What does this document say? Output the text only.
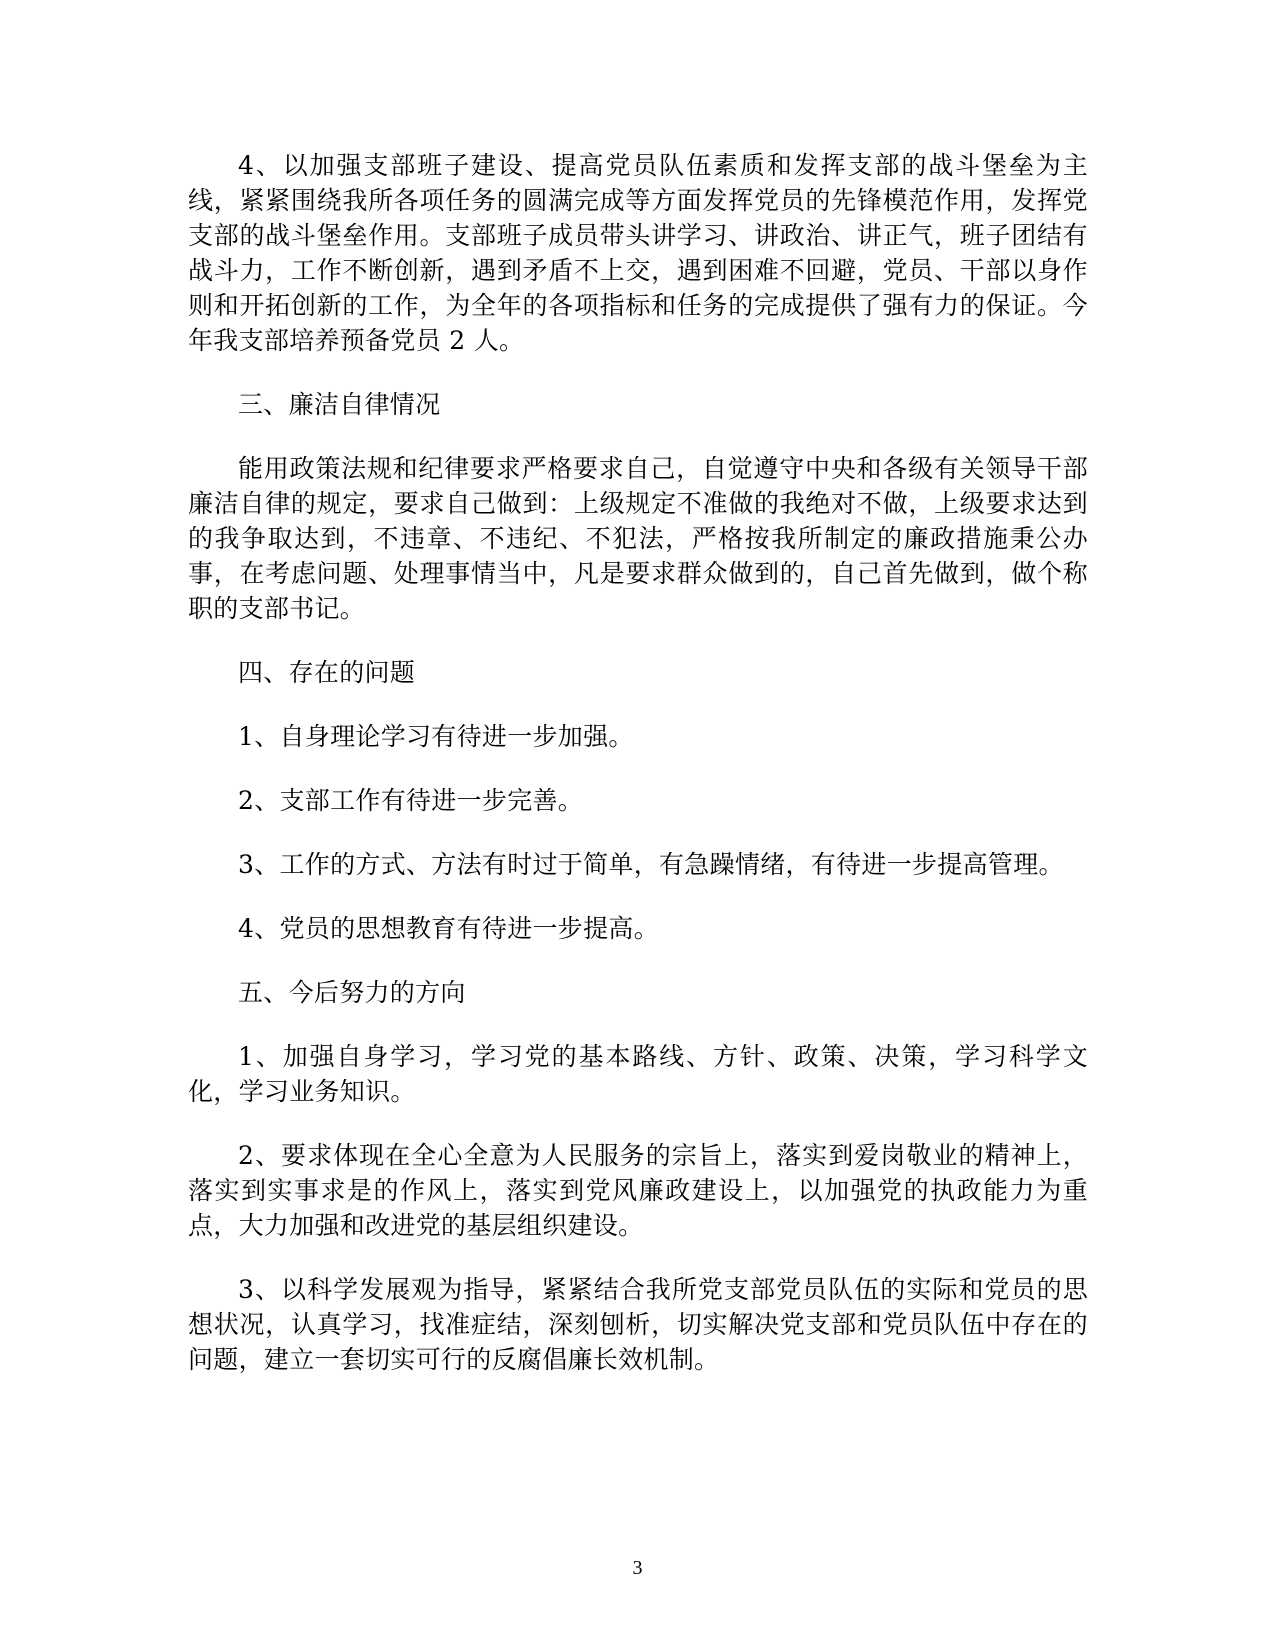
4、以加强支部班子建设、提高党员队伍素质和发挥支部的战斗堡垒为主线，紧紧围绕我所各项任务的圆满完成等方面发挥党员的先锋模范作用，发挥党支部的战斗堡垒作用。支部班子成员带头讲学习、讲政治、讲正气，班子团结有战斗力，工作不断创新，遇到矛盾不上交，遇到困难不回避，党员、干部以身作则和开拓创新的工作，为全年的各项指标和任务的完成提供了强有力的保证。今年我支部培养预备党员 2 人。

三、廉洁自律情况

能用政策法规和纪律要求严格要求自己，自觉遵守中央和各级有关领导干部廉洁自律的规定，要求自己做到：上级规定不准做的我绝对不做，上级要求达到的我争取达到，不违章、不违纪、不犯法，严格按我所制定的廉政措施秉公办事，在考虑问题、处理事情当中，凡是要求群众做到的，自己首先做到，做个称职的支部书记。

四、存在的问题

1、自身理论学习有待进一步加强。

2、支部工作有待进一步完善。

3、工作的方式、方法有时过于简单，有急躁情绪，有待进一步提高管理。

4、党员的思想教育有待进一步提高。

五、今后努力的方向

1、加强自身学习，学习党的基本路线、方针、政策、决策，学习科学文化，学习业务知识。

2、要求体现在全心全意为人民服务的宗旨上，落实到爱岗敬业的精神上，落实到实事求是的作风上，落实到党风廉政建设上，以加强党的执政能力为重点，大力加强和改进党的基层组织建设。

3、以科学发展观为指导，紧紧结合我所党支部党员队伍的实际和党员的思想状况，认真学习，找准症结，深刻刨析，切实解决党支部和党员队伍中存在的问题，建立一套切实可行的反腐倡廉长效机制。

3
